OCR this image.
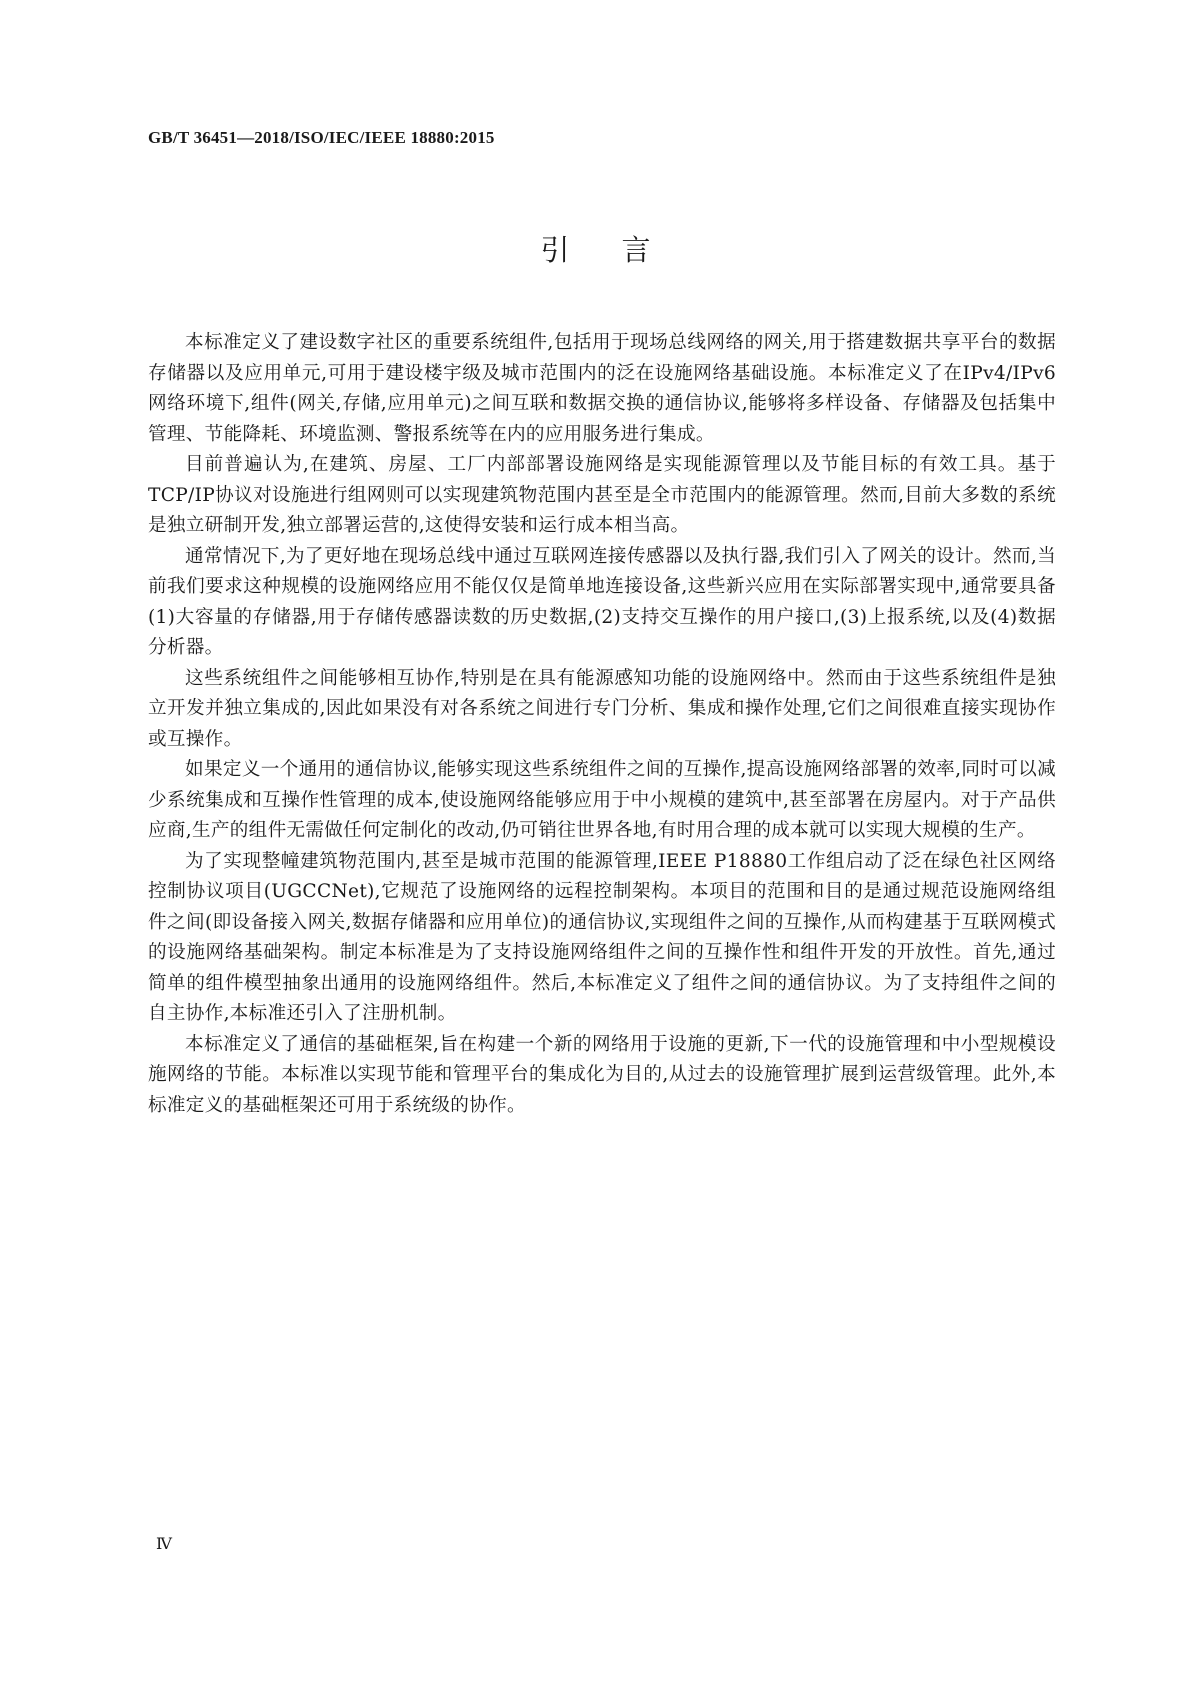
GB/T 36451—2018/ISO/IEC/IEEE 18880:2015

引言

本标准定义了建设数字社区的重要系统组件,包括用于现场总线网络的网关,用于搭建数据共享平台的数据存储器以及应用单元,可用于建设楼宇级及城市范围内的泛在设施网络基础设施。本标准定义了在IPv4/IPv6网络环境下,组件(网关,存储,应用单元)之间互联和数据交换的通信协议,能够将多样设备、存储器及包括集中管理、节能降耗、环境监测、警报系统等在内的应用服务进行集成。

目前普遍认为,在建筑、房屋、工厂内部部署设施网络是实现能源管理以及节能目标的有效工具。基于TCP/IP协议对设施进行组网则可以实现建筑物范围内甚至是全市范围内的能源管理。然而,目前大多数的系统是独立研制开发,独立部署运营的,这使得安装和运行成本相当高。

通常情况下,为了更好地在现场总线中通过互联网连接传感器以及执行器,我们引入了网关的设计。然而,当前我们要求这种规模的设施网络应用不能仅仅是简单地连接设备,这些新兴应用在实际部署实现中,通常要具备(1)大容量的存储器,用于存储传感器读数的历史数据,(2)支持交互操作的用户接口,(3)上报系统,以及(4)数据分析器。

这些系统组件之间能够相互协作,特别是在具有能源感知功能的设施网络中。然而由于这些系统组件是独立开发并独立集成的,因此如果没有对各系统之间进行专门分析、集成和操作处理,它们之间很难直接实现协作或互操作。

如果定义一个通用的通信协议,能够实现这些系统组件之间的互操作,提高设施网络部署的效率,同时可以减少系统集成和互操作性管理的成本,使设施网络能够应用于中小规模的建筑中,甚至部署在房屋内。对于产品供应商,生产的组件无需做任何定制化的改动,仍可销往世界各地,有时用合理的成本就可以实现大规模的生产。

为了实现整幢建筑物范围内,甚至是城市范围的能源管理,IEEE P18880工作组启动了泛在绿色社区网络控制协议项目(UGCCNet),它规范了设施网络的远程控制架构。本项目的范围和目的是通过规范设施网络组件之间(即设备接入网关,数据存储器和应用单位)的通信协议,实现组件之间的互操作,从而构建基于互联网模式的设施网络基础架构。制定本标准是为了支持设施网络组件之间的互操作性和组件开发的开放性。首先,通过简单的组件模型抽象出通用的设施网络组件。然后,本标准定义了组件之间的通信协议。为了支持组件之间的自主协作,本标准还引入了注册机制。

本标准定义了通信的基础框架,旨在构建一个新的网络用于设施的更新,下一代的设施管理和中小型规模设施网络的节能。本标准以实现节能和管理平台的集成化为目的,从过去的设施管理扩展到运营级管理。此外,本标准定义的基础框架还可用于系统级的协作。

Ⅳ
